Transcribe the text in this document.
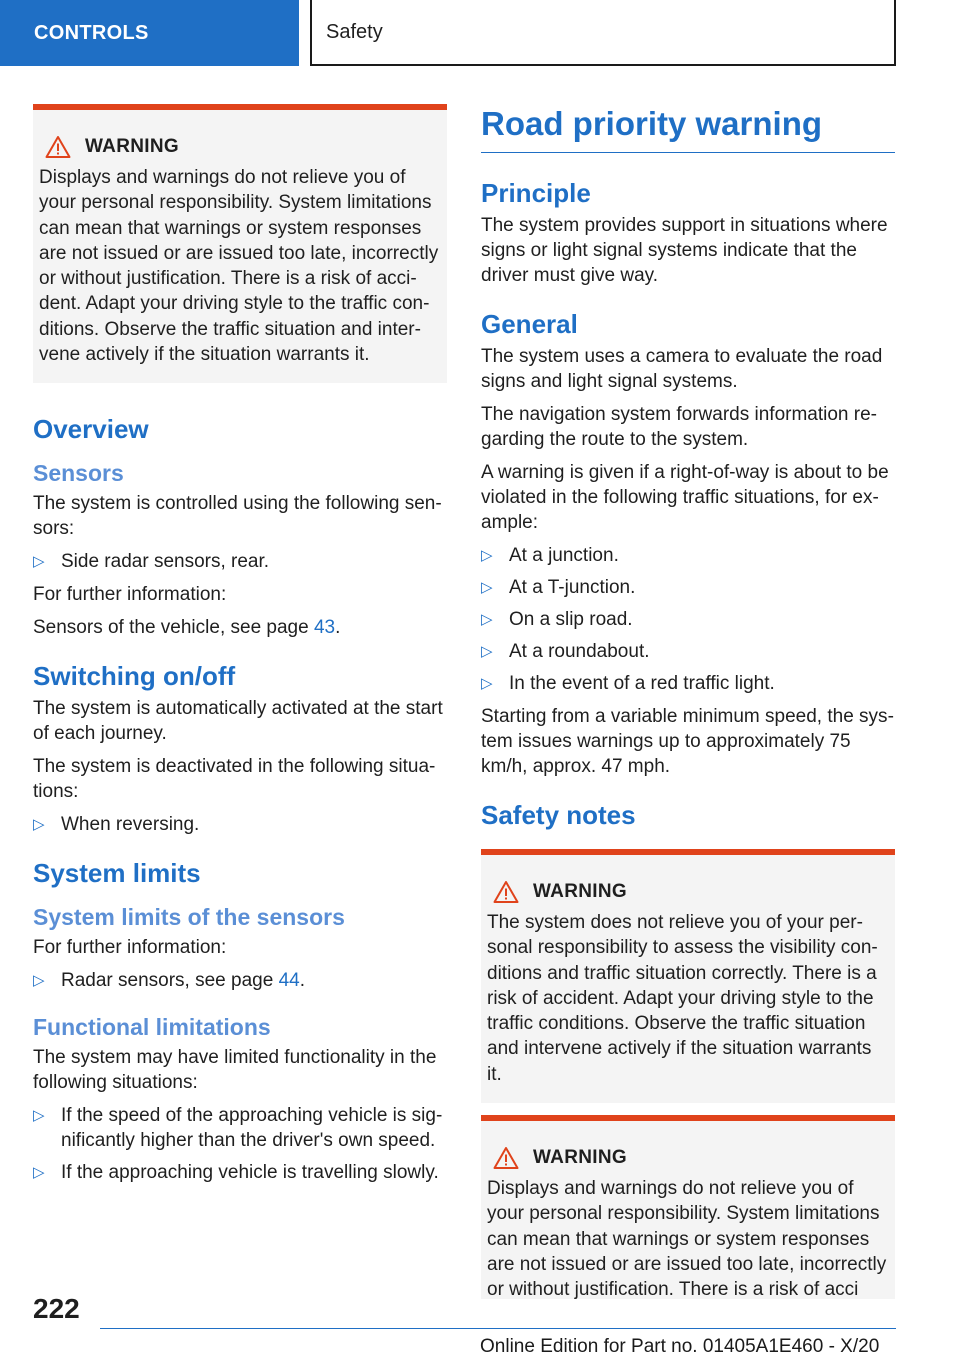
CONTROLS	Safety
WARNING
Displays and warnings do not relieve you of your personal responsibility. System limitations can mean that warnings or system responses are not issued or are issued too late, incorrectly or without justification. There is a risk of accident. Adapt your driving style to the traffic conditions. Observe the traffic situation and intervene actively if the situation warrants it.
Overview
Sensors

The system is controlled using the following sensors:

▷ Side radar sensors, rear.

For further information:

Sensors of the vehicle, see page 43.

Switching on/off

The system is automatically activated at the start of each journey.

The system is deactivated in the following situations:

▷ When reversing.
System limits
System limits of the sensors

For further information:

▷ Radar sensors, see page 44.
Functional limitations

The system may have limited functionality in the following situations:

▷ If the speed of the approaching vehicle is significantly higher than the driver's own speed.
▷ If the approaching vehicle is travelling slowly.
Road priority warning
Principle

The system provides support in situations where signs or light signal systems indicate that the driver must give way.

General

The system uses a camera to evaluate the road signs and light signal systems.

The navigation system forwards information regarding the route to the system.

A warning is given if a right-of-way is about to be violated in the following traffic situations, for example:

▷ At a junction.
▷ At a T-junction.
▷ On a slip road.
▷ At a roundabout.
▷ In the event of a red traffic light.

Starting from a variable minimum speed, the system issues warnings up to approximately 75 km/h, approx. 47 mph.

Safety notes
WARNING
The system does not relieve you of your personal responsibility to assess the visibility conditions and traffic situation correctly. There is a risk of accident. Adapt your driving style to the traffic conditions. Observe the traffic situation and intervene actively if the situation warrants it.
WARNING
Displays and warnings do not relieve you of your personal responsibility. System limitations can mean that warnings or system responses are not issued or are issued too late, incorrectly or without justification. There is a risk of acci
222
Online Edition for Part no. 01405A1E460 - X/20
